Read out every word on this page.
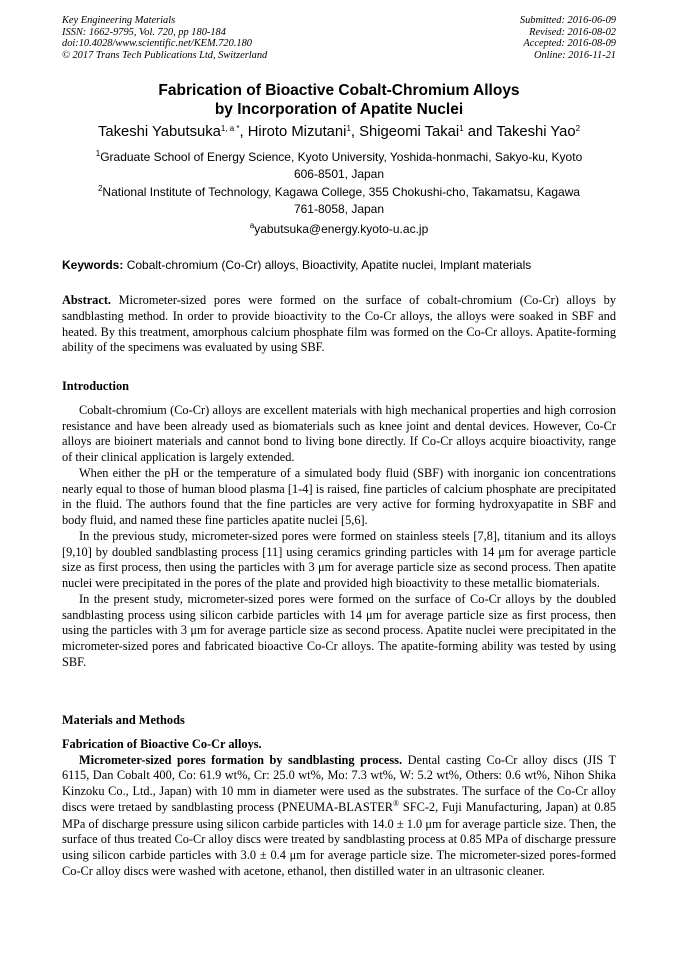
Key Engineering Materials
ISSN: 1662-9795, Vol. 720, pp 180-184
doi:10.4028/www.scientific.net/KEM.720.180
© 2017 Trans Tech Publications Ltd, Switzerland
Submitted: 2016-06-09
Revised: 2016-08-02
Accepted: 2016-08-09
Online: 2016-11-21
Fabrication of Bioactive Cobalt-Chromium Alloys
by Incorporation of Apatite Nuclei
Takeshi Yabutsuka$^{1, a *}$, Hiroto Mizutani$^1$, Shigeomi Takai$^1$ and Takeshi Yao$^2$
$^1$Graduate School of Energy Science, Kyoto University, Yoshida-honmachi, Sakyo-ku, Kyoto
606-8501, Japan
$^2$National Institute of Technology, Kagawa College, 355 Chokushi-cho, Takamatsu, Kagawa
761-8058, Japan
$^a$yabutsuka@energy.kyoto-u.ac.jp
Keywords: Cobalt-chromium (Co-Cr) alloys, Bioactivity, Apatite nuclei, Implant materials

Abstract. Micrometer-sized pores were formed on the surface of cobalt-chromium (Co-Cr) alloys by sandblasting method. In order to provide bioactivity to the Co-Cr alloys, the alloys were soaked in SBF and heated. By this treatment, amorphous calcium phosphate film was formed on the Co-Cr alloys. Apatite-forming ability of the specimens was evaluated by using SBF.

Introduction

Cobalt-chromium (Co-Cr) alloys are excellent materials with high mechanical properties and high corrosion resistance and have been already used as biomaterials such as knee joint and dental devices. However, Co-Cr alloys are bioinert materials and cannot bond to living bone directly. If Co-Cr alloys acquire bioactivity, range of their clinical application is largely extended.

When either the pH or the temperature of a simulated body fluid (SBF) with inorganic ion concentrations nearly equal to those of human blood plasma [1-4] is raised, fine particles of calcium phosphate are precipitated in the fluid. The authors found that the fine particles are very active for forming hydroxyapatite in SBF and body fluid, and named these fine particles apatite nuclei [5,6].

In the previous study, micrometer-sized pores were formed on stainless steels [7,8], titanium and its alloys [9,10] by doubled sandblasting process [11] using ceramics grinding particles with 14 μm for average particle size as first process, then using the particles with 3 μm for average particle size as second process. Then apatite nuclei were precipitated in the pores of the plate and provided high bioactivity to these metallic biomaterials.

In the present study, micrometer-sized pores were formed on the surface of Co-Cr alloys by the doubled sandblasting process using silicon carbide particles with 14 μm for average particle size as first process, then using the particles with 3 μm for average particle size as second process. Apatite nuclei were precipitated in the micrometer-sized pores and fabricated bioactive Co-Cr alloys. The apatite-forming ability was tested by using SBF.

Materials and Methods
Fabrication of Bioactive Co-Cr alloys.

Micrometer-sized pores formation by sandblasting process. Dental casting Co-Cr alloy discs (JIS T 6115, Dan Cobalt 400, Co: 61.9 wt%, Cr: 25.0 wt%, Mo: 7.3 wt%, W: 5.2 wt%, Others: 0.6 wt%, Nihon Shika Kinzoku Co., Ltd., Japan) with 10 mm in diameter were used as the substrates. The surface of the Co-Cr alloy discs were tretaed by sandblasting process (PNEUMA-BLASTER® SFC-2, Fuji Manufacturing, Japan) at 0.85 MPa of discharge pressure using silicon carbide particles with 14.0 ± 1.0 μm for average particle size. Then, the surface of thus treated Co-Cr alloy discs were treated by sandblasting process at 0.85 MPa of discharge pressure using silicon carbide particles with 3.0 ± 0.4 μm for average particle size. The micrometer-sized pores-formed Co-Cr alloy discs were washed with acetone, ethanol, then distilled water in an ultrasonic cleaner.
